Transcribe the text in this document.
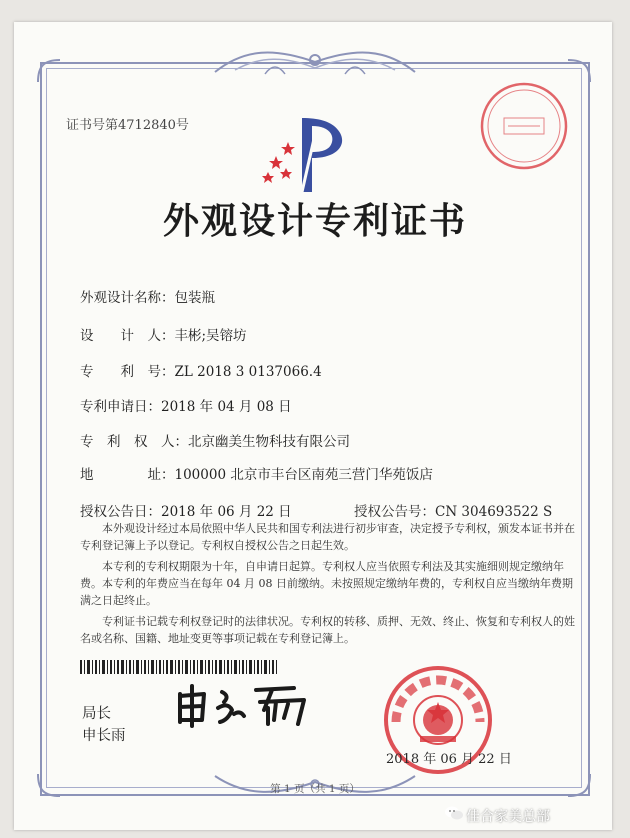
证书号第4712840号
外观设计专利证书
外观设计名称：包装瓶
设　　计　人：丰彬;吴镕坊
专　　利　号：ZL 2018 3 0137066.4
专利申请日：2018 年 04 月 08 日
专　利　权　人：北京幽美生物科技有限公司
地　　　　址：100000 北京市丰台区南苑三营门华苑饭店
授权公告日：2018 年 06 月 22 日	授权公告号：CN 304693522 S

本外观设计经过本局依照中华人民共和国专利法进行初步审查，决定授予专利权，颁发本证书并在专利登记簿上予以登记。专利权自授权公告之日起生效。

本专利的专利权期限为十年，自申请日起算。专利权人应当依照专利法及其实施细则规定缴纳年费。本专利的年费应当在每年 04 月 08 日前缴纳。未按照规定缴纳年费的，专利权自应当缴纳年费期满之日起终止。

专利证书记载专利权登记时的法律状况。专利权的转移、质押、无效、终止、恢复和专利权人的姓名或名称、国籍、地址变更等事项记载在专利登记簿上。

局长
申长雨
2018 年 06 月 22 日
第 1 页（共 1 页）
佳合家美总部
